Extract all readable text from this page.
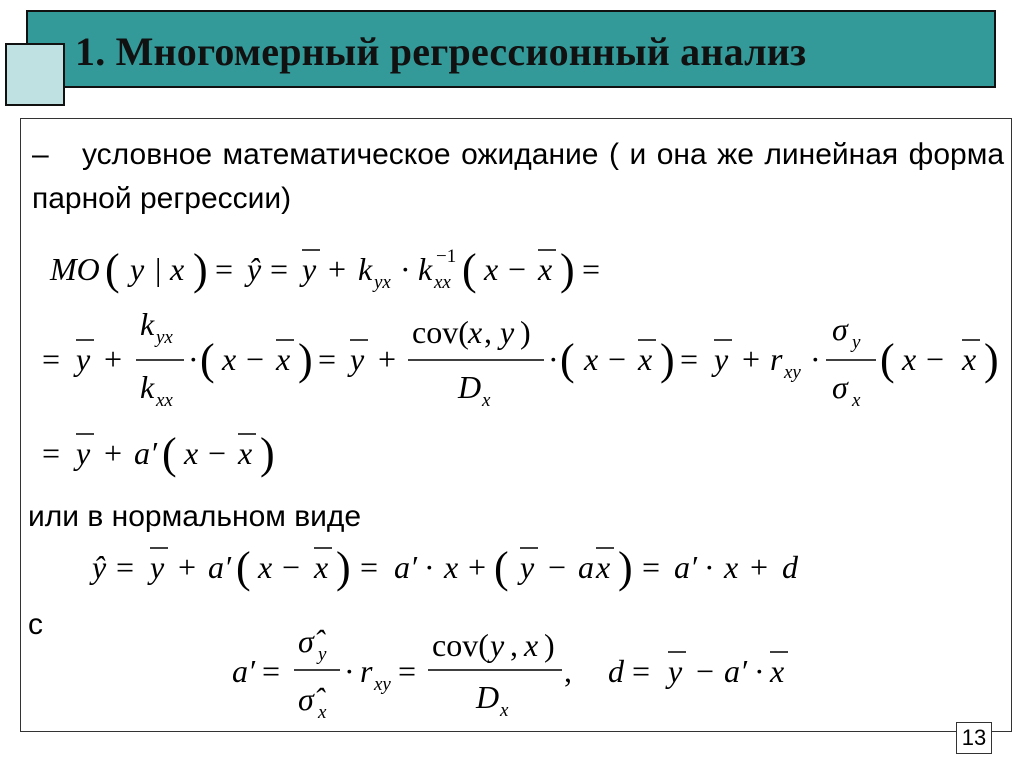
1. Многомерный регрессионный анализ
– условное математическое ожидание ( и она же линейная форма парной регрессии)
или в нормальном виде
с
13
MO ( y | x ) = ŷ = y + k yx · k xx
−1 ( x − x ) =
= y +
k yx
k xx
· ( x − x ) = y +
cov( x , y )
D x
· ( x − x ) = y + r xy ·
σ y
σ x
( x − x )
= y + a ′ ( x − x )
ŷ = y + a ′ ( x − x ) = a ′ · x + ( y − a x ) = a ′ · x + d
a ′ =
σ̂ y
σ̂ x
· r xy =
cov( y , x )
D x
, d = y − a ′ · x
